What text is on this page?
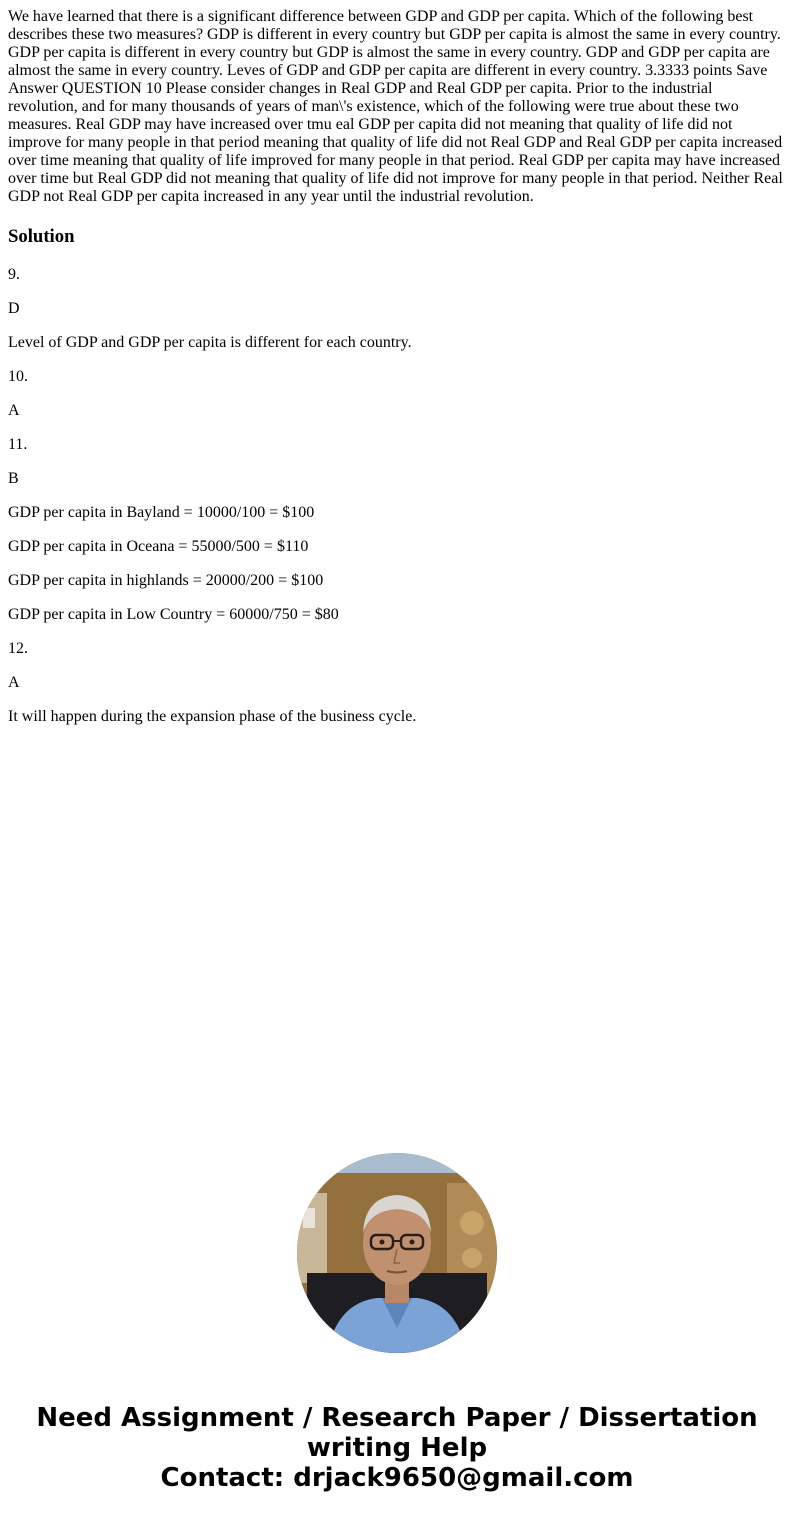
We have learned that there is a significant difference between GDP and GDP per capita. Which of the following best describes these two measures? GDP is different in every country but GDP per capita is almost the same in every country. GDP per capita is different in every country but GDP is almost the same in every country. GDP and GDP per capita are almost the same in every country. Leves of GDP and GDP per capita are different in every country. 3.3333 points Save Answer QUESTION 10 Please consider changes in Real GDP and Real GDP per capita. Prior to the industrial revolution, and for many thousands of years of man\'s existence, which of the following were true about these two measures. Real GDP may have increased over tmu eal GDP per capita did not meaning that quality of life did not improve for many people in that period meaning that quality of life did not Real GDP and Real GDP per capita increased over time meaning that quality of life improved for many people in that period. Real GDP per capita may have increased over time but Real GDP did not meaning that quality of life did not improve for many people in that period. Neither Real GDP not Real GDP per capita increased in any year until the industrial revolution.

Solution

9.

D

Level of GDP and GDP per capita is different for each country.

10.

A

11.

B

GDP per capita in Bayland = 10000/100 = $100

GDP per capita in Oceana = 55000/500 = $110

GDP per capita in highlands = 20000/200 = $100

GDP per capita in Low Country = 60000/750 = $80

12.

A

It will happen during the expansion phase of the business cycle.

Need Assignment / Research Paper / Dissertation
writing Help
Contact: drjack9650@gmail.com
